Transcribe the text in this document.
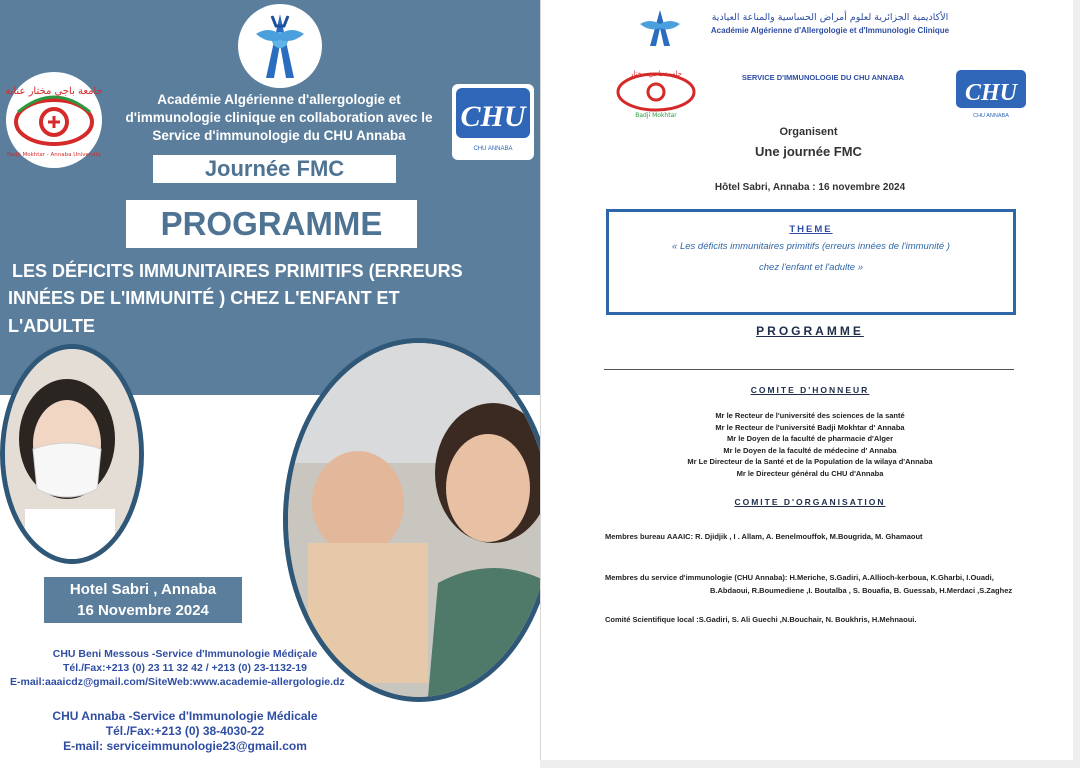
جامعة باجي مختار عنابة
Badji Mokhtar - Annaba University
CHU
CHU ANNABA
Académie Algérienne d'allergologie et
d'immunologie clinique en collaboration avec le
Service d'immunologie du CHU Annaba
Journée FMC
PROGRAMME
LES DÉFICITS IMMUNITAIRES PRIMITIFS (ERREURS
INNÉES DE L'IMMUNITÉ ) CHEZ L'ENFANT ET
L'ADULTE
Hotel Sabri , Annaba
16 Novembre 2024
CHU Beni Messous -Service d'Immunologie Médiçale
Tél./Fax:+213 (0) 23 11 32 42 / +213 (0) 23-1132-19
E-mail:aaaicdz@gmail.com/SiteWeb:www.academie-allergologie.dz
CHU Annaba -Service d'Immunologie Médicale
Tél./Fax:+213 (0) 38-4030-22
E-mail: serviceimmunologie23@gmail.com
الأكاديمية الجزائرية لعلوم أمراض الحساسية والمناعة العيادية
Académie Algérienne d'Allergologie et d'Immunologie Clinique
جامعة باجي مختار
Badji Mokhtar
SERVICE D'IMMUNOLOGIE DU CHU ANNABA
CHU
CHU ANNABA
Organisent
Une journée FMC
Hôtel Sabri, Annaba : 16 novembre 2024
THEME
« Les déficits immunitaires primitifs (erreurs innées de l'immunité )
chez l'enfant et l'adulte »
PROGRAMME
COMITE D'HONNEUR
Mr le Recteur de l'université des sciences de la santé
Mr le Recteur de l'université Badji Mokhtar d' Annaba
Mr le Doyen de la faculté de pharmacie d'Alger
Mr le Doyen de la faculté de médecine d' Annaba
Mr Le Directeur de la Santé et de la Population de la wilaya d'Annaba
Mr le Directeur général du CHU d'Annaba
COMITE D'ORGANISATION
Membres bureau AAAIC: R. Djidjik , I . Allam, A. Benelmouffok, M.Bougrida, M. Ghamaout
Membres du service d'immunologie (CHU Annaba): H.Meriche, S.Gadiri, A.Allioch-kerboua, K.Gharbi, I.Ouadi,
B.Abdaoui, R.Boumediene ,I. Boutalba , S. Bouafia, B. Guessab, H.Merdaci ,S.Zaghez
Comité Scientifique local :S.Gadiri, S. Ali Guechi ,N.Bouchair, N. Boukhris, H.Mehnaoui.
